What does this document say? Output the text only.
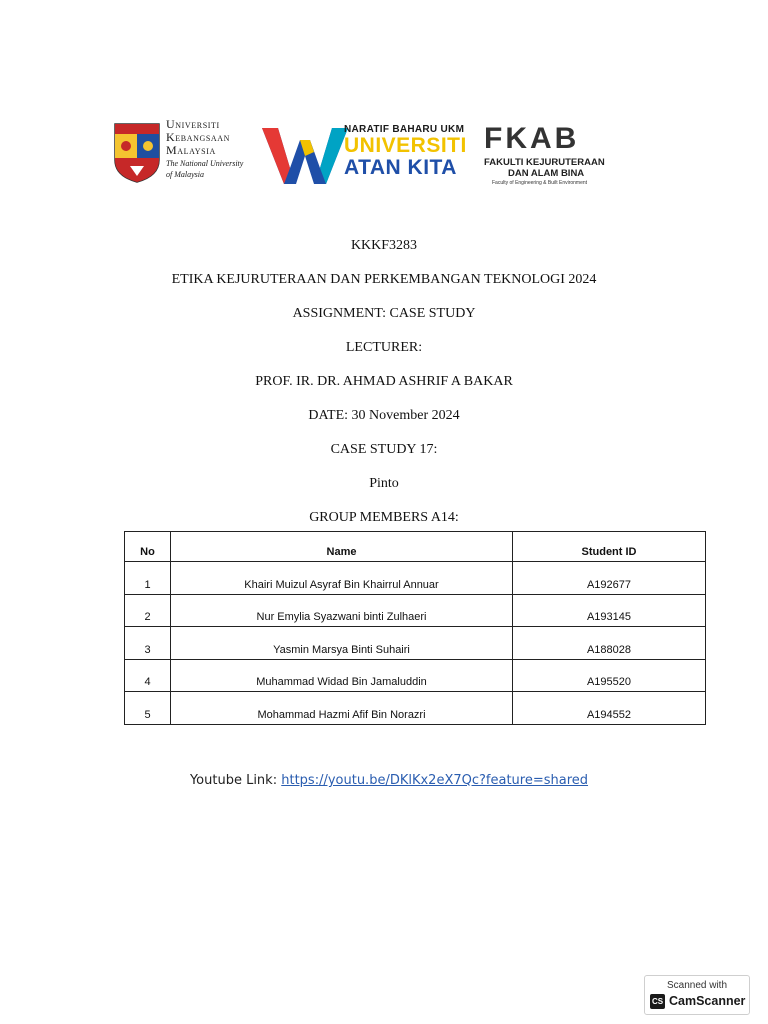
Universiti
Kebangsaan
Malaysia
The National University
of Malaysia
NARATIF BAHARU UKM
UNIVERSITI
ATAN KITA
FKAB
FAKULTI KEJURUTERAAN
DAN ALAM BINA
Faculty of Engineering & Built Environment
KKKF3283
ETIKA KEJURUTERAAN DAN PERKEMBANGAN TEKNOLOGI 2024
ASSIGNMENT: CASE STUDY
LECTURER:
PROF. IR. DR. AHMAD ASHRIF A BAKAR
DATE: 30 November 2024
CASE STUDY 17:
Pinto
GROUP MEMBERS A14:
No	Name	Student ID
1	Khairi Muizul Asyraf Bin Khairrul Annuar	A192677
2	Nur Emylia Syazwani binti Zulhaeri	A193145
3	Yasmin Marsya Binti Suhairi	A188028
4	Muhammad Widad Bin Jamaluddin	A195520
5	Mohammad Hazmi Afif Bin Norazri	A194552
Youtube Link: https://youtu.be/DKlKx2eX7Qc?feature=shared
Scanned with
CS CamScanner
